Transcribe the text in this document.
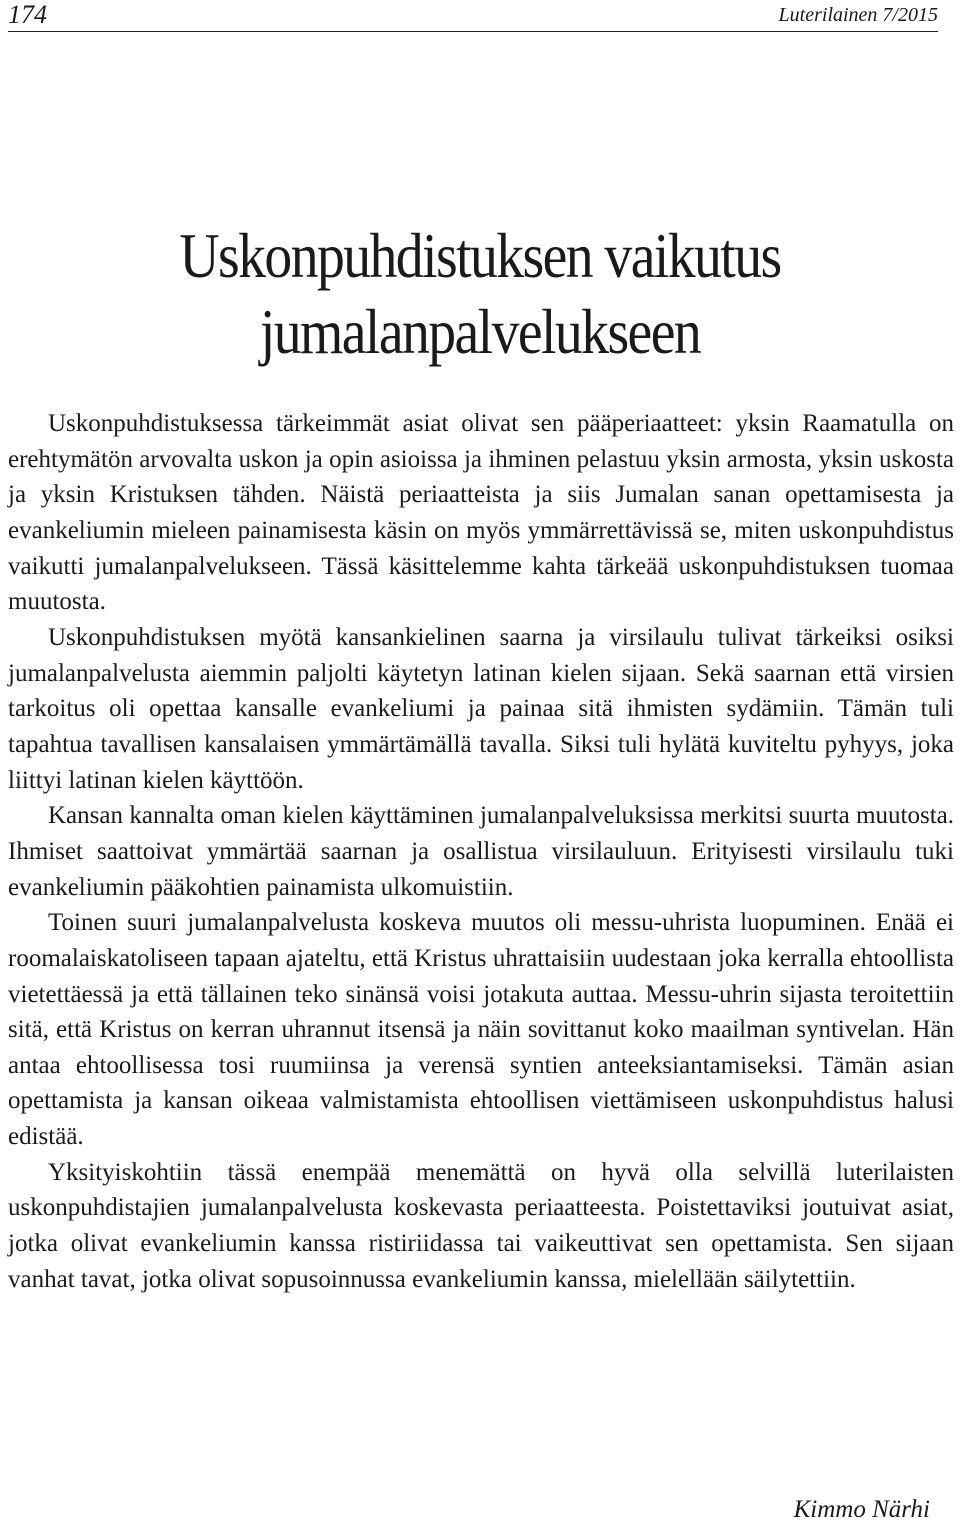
174	Luterilainen 7/2015
Uskonpuhdistuksen vaikutus
jumalanpalvelukseen

Uskonpuhdistuksessa tärkeimmät asiat olivat sen pääperiaatteet: yksin Raamatulla on erehtymätön arvovalta uskon ja opin asioissa ja ihminen pelastuu yksin armosta, yksin uskosta ja yksin Kristuksen tähden. Näistä periaatteista ja siis Jumalan sanan opettamisesta ja evankeliumin mieleen painamisesta käsin on myös ymmärrettävissä se, miten uskonpuhdistus vaikutti jumalanpalvelukseen. Tässä käsittelemme kahta tärkeää uskonpuhdistuksen tuomaa muutosta.

Uskonpuhdistuksen myötä kansankielinen saarna ja virsilaulu tulivat tärkeiksi osiksi jumalanpalvelusta aiemmin paljolti käytetyn latinan kielen sijaan. Sekä saarnan että virsien tarkoitus oli opettaa kansalle evankeliumi ja painaa sitä ihmisten sydämiin. Tämän tuli tapahtua tavallisen kansalaisen ymmärtämällä tavalla. Siksi tuli hylätä kuviteltu pyhyys, joka liittyi latinan kielen käyttöön.

Kansan kannalta oman kielen käyttäminen jumalanpalveluksissa merkitsi suurta muutosta. Ihmiset saattoivat ymmärtää saarnan ja osallistua virsilauluun. Erityisesti virsilaulu tuki evankeliumin pääkohtien painamista ulkomuistiin.

Toinen suuri jumalanpalvelusta koskeva muutos oli messu-uhrista luopuminen. Enää ei roomalaiskatoliseen tapaan ajateltu, että Kristus uhrattaisiin uudestaan joka kerralla ehtoollista vietettäessä ja että tällainen teko sinänsä voisi jotakuta auttaa. Messu-uhrin sijasta teroitettiin sitä, että Kristus on kerran uhrannut itsensä ja näin sovittanut koko maailman syntivelan. Hän antaa ehtoollisessa tosi ruumiinsa ja verensä syntien anteeksiantamiseksi. Tämän asian opettamista ja kansan oikeaa valmistamista ehtoollisen viettämiseen uskonpuhdistus halusi edistää.

Yksityiskohtiin tässä enempää menemättä on hyvä olla selvillä luterilaisten uskonpuhdistajien jumalanpalvelusta koskevasta periaatteesta. Poistettaviksi joutuivat asiat, jotka olivat evankeliumin kanssa ristiriidassa tai vaikeuttivat sen opettamista. Sen sijaan vanhat tavat, jotka olivat sopusoinnussa evankeliumin kanssa, mielellään säilytettiin.

Kimmo Närhi
